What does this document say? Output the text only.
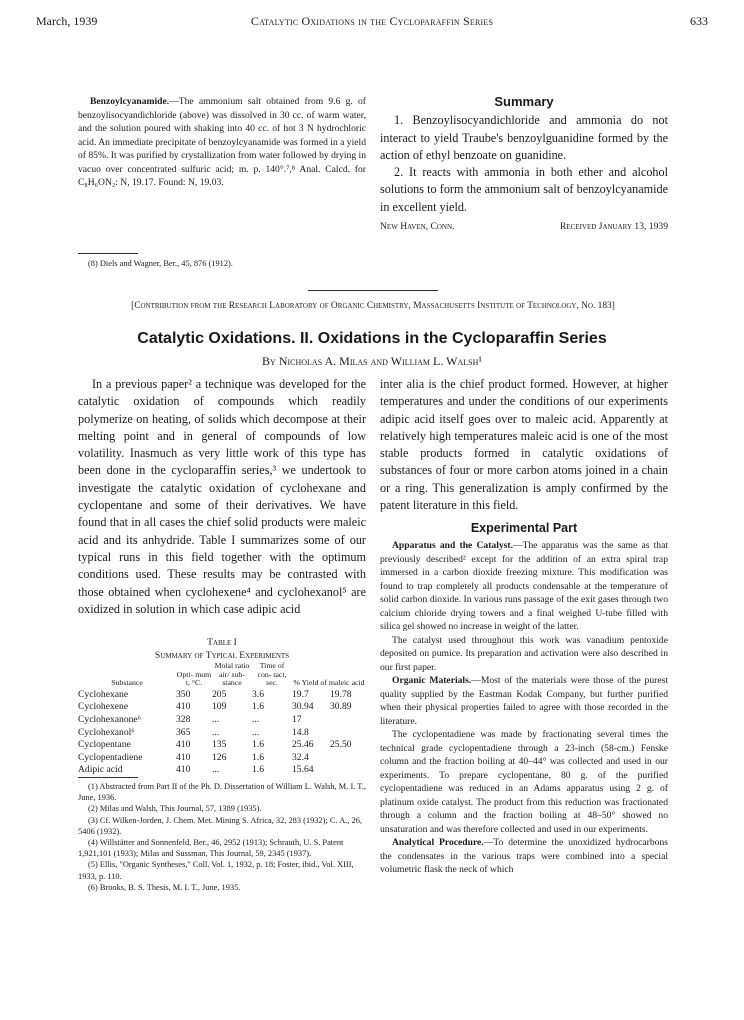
March, 1939	Catalytic Oxidations in the Cycloparaffin Series	633

Benzoylcyanamide.—The ammonium salt obtained from 9.6 g. of benzoylisocyandichloride (above) was dissolved in 30 cc. of warm water, and the solution poured with shaking into 40 cc. of hot 3 N hydrochloric acid. An immediate precipitate of benzoylcyanamide was formed in a yield of 85%. It was purified by crystallization from water followed by drying in vacuo over concentrated sulfuric acid; m. p. 140°.⁷,⁸ Anal. Calcd. for C₈H₆ON₂: N, 19.17. Found: N, 19.03.

(8) Diels and Wagner, Ber., 45, 876 (1912).

Summary

1. Benzoylisocyandichloride and ammonia do not interact to yield Traube's benzoylguanidine formed by the action of ethyl benzoate on guanidine.

2. It reacts with ammonia in both ether and alcohol solutions to form the ammonium salt of benzoylcyanamide in excellent yield.

New Haven, Conn.	Received January 13, 1939
[Contribution from the Research Laboratory of Organic Chemistry, Massachusetts Institute of Technology, No. 183]
Catalytic Oxidations. II. Oxidations in the Cycloparaffin Series
By Nicholas A. Milas and William L. Walsh¹

In a previous paper² a technique was developed for the catalytic oxidation of compounds which readily polymerize on heating, of solids which decompose at their melting point and in general of compounds of low volatility. Inasmuch as very little work of this type has been done in the cycloparaffin series,³ we undertook to investigate the catalytic oxidation of cyclohexane and cyclopentane and some of their derivatives. We have found that in all cases the chief solid products were maleic acid and its anhydride. Table I summarizes some of our typical runs in this field together with the optimum conditions used. These results may be contrasted with those obtained when cyclohexene⁴ and cyclohexanol⁵ are oxidized in solution in which case adipic acid

Table I
Summary of Typical Experiments
Substance	Opti- mum t, °C.	Molal ratio air/ sub- stance	Time of con- tact, sec.	% Yield of maleic acid	
Cyclohexane	350	205	3.6	19.7	19.78
Cyclohexene	410	109	1.6	30.94	30.89
Cyclohexanone⁶	328	...	...	17	
Cyclohexanol⁶	365	...	...	14.8	
Cyclopentane	410	135	1.6	25.46	25.50
Cyclopentadiene	410	126	1.6	32.4	
Adipic acid	410	...	1.6	15.64	

(1) Abstracted from Part II of the Ph. D. Dissertation of William L. Walsh, M. I. T., June, 1936.

(2) Milas and Walsh, This Journal, 57, 1389 (1935).

(3) Cf. Wilken-Jorden, J. Chem. Met. Mining S. Africa, 32, 283 (1932); C. A., 26, 5406 (1932).

(4) Willstätter and Sonnenfeld, Ber., 46, 2952 (1913); Schrauth, U. S. Patent 1,921,101 (1933); Milas and Sussman, This Journal, 59, 2345 (1937).

(5) Ellis, "Organic Syntheses," Coll. Vol. 1, 1932, p. 18; Foster, ibid., Vol. XIII, 1933, p. 110.

(6) Brooks, B. S. Thesis, M. I. T., June, 1935.

inter alia is the chief product formed. However, at higher temperatures and under the conditions of our experiments adipic acid itself goes over to maleic acid. Apparently at relatively high temperatures maleic acid is one of the most stable products formed in catalytic oxidations of substances of four or more carbon atoms joined in a chain or a ring. This generalization is amply confirmed by the patent literature in this field.

Experimental Part

Apparatus and the Catalyst.—The apparatus was the same as that previously described² except for the addition of an extra spiral trap immersed in a carbon dioxide freezing mixture. This modification was found to trap completely all products condensable at the temperature of solid carbon dioxide. In various runs passage of the exit gases through two calcium chloride drying towers and a final weighed U-tube filled with silica gel showed no increase in weight of the latter.

The catalyst used throughout this work was vanadium pentoxide deposited on pumice. Its preparation and activation were also described in our first paper.

Organic Materials.—Most of the materials were those of the purest quality supplied by the Eastman Kodak Company, but further purified when their physical properties failed to agree with those recorded in the literature.

The cyclopentadiene was made by fractionating several times the technical grade cyclopentadiene through a 23-inch (58-cm.) Fenske column and the fraction boiling at 40–44° was collected and used in our experiments. To prepare cyclopentane, 80 g. of the purified cyclopentadiene was reduced in an Adams apparatus using 2 g. of platinum oxide catalyst. The product from this reduction was fractionated through a column and the fraction boiling at 48–50° showed no unsaturation and was therefore collected and used in our experiments.

Analytical Procedure.—To determine the unoxidized hydrocarbons the condensates in the various traps were combined into a special volumetric flask the neck of which
